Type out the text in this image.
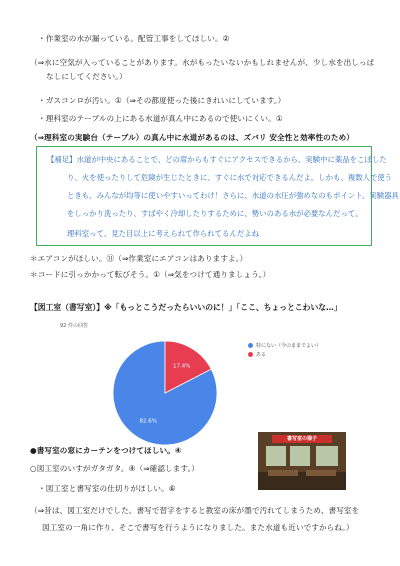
・作業室の水が漏っている。配管工事をしてほしい。②
（⇒水に空気が入っていることがあります。水がもったいないかもしれませんが、少し水を出しっぱ
なしにしてください。）
・ガスコンロが汚い。①（⇒その都度使った後にきれいにしています。）
・理科室のテーブルの上にある水道が真ん中にあるので使いにくい。①
（⇒理科室の実験台（テーブル）の真ん中に水道があるのは、ズバリ 安全性と効率性のため）
【補足】水道が中央にあることで、どの席からもすぐにアクセスできるから、実験中に薬品をこぼした
り、火を使ったりして危険が生じたときに、すぐに水で対応できるんだよ。しかも、複数人で使う
ときも、みんなが均等に使いやすいってわけ！さらに、水道の水圧が強めなのもポイント。実験器具
をしっかり洗ったり、すばやく冷却したりするために、勢いのある水が必要なんだって。
理科室って、見た目以上に考えられて作られてるんだよね
＊エアコンがほしい。⑪（⇒作業室にエアコンはありますよ。）
＊コードに引っかかって転びそう。①（⇒気をつけて通りましょう。）
【図工室（書写室）】※「もっとこうだったらいいのに！」「ここ、ちょっとこわいな…」
92 件の回答
82.6%
17.4%
特にない（今のままでよい）
ある
書写室の様子
●書写室の窓にカーテンをつけてほしい。④
○図工室のいすがガタガタ。④（⇒確認します。）
・図工室と書写室の仕切りがほしい。⑥
（⇒昔は、図工室だけでした。書写で習字をすると教室の床が墨で汚れてしまうため、書写室を
図工室の一角に作り、そこで書写を行うようになりました。また水道も近いですからね。）
